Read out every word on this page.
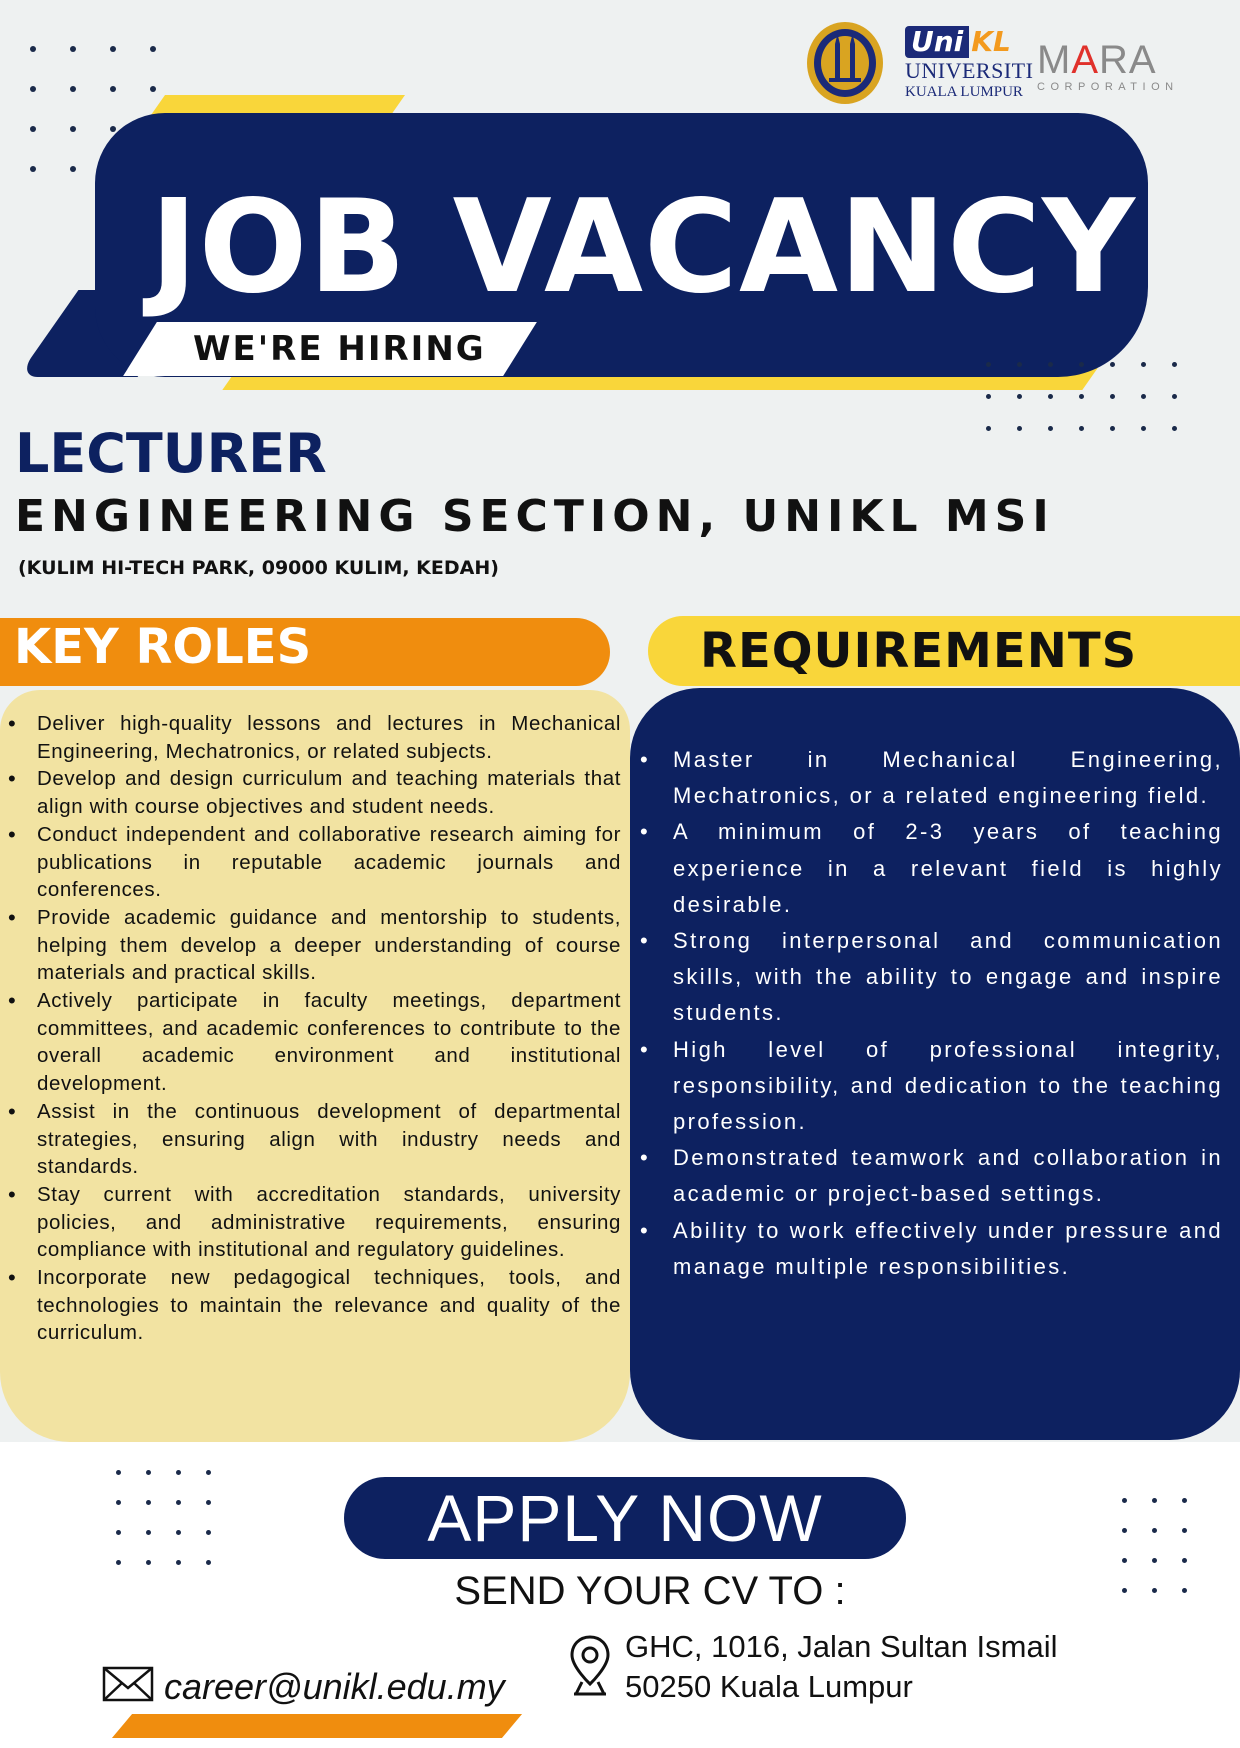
Uni KL
UNIVERSITI
KUALA LUMPUR
MARA
CORPORATION
JOB VACANCY
WE'RE HIRING
LECTURER
ENGINEERING SECTION, UNIKL MSI

(KULIM HI-TECH PARK, 09000 KULIM, KEDAH)

KEY ROLES	REQUIREMENTS
• Deliver high-quality lessons and lectures in Mechanical Engineering, Mechatronics, or related subjects.
• Develop and design curriculum and teaching materials that align with course objectives and student needs.
• Conduct independent and collaborative research aiming for publications in reputable academic journals and conferences.
• Provide academic guidance and mentorship to students, helping them develop a deeper understanding of course materials and practical skills.
• Actively participate in faculty meetings, department committees, and academic conferences to contribute to the overall academic environment and institutional development.
• Assist in the continuous development of departmental strategies, ensuring align with industry needs and standards.
• Stay current with accreditation standards, university policies, and administrative requirements, ensuring compliance with institutional and regulatory guidelines.
• Incorporate new pedagogical techniques, tools, and technologies to maintain the relevance and quality of the curriculum.
• Master in Mechanical Engineering, Mechatronics, or a related engineering field.
• A minimum of 2-3 years of teaching experience in a relevant field is highly desirable.
• Strong interpersonal and communication skills, with the ability to engage and inspire students.
• High level of professional integrity, responsibility, and dedication to the teaching profession.
• Demonstrated teamwork and collaboration in academic or project-based settings.
• Ability to work effectively under pressure and manage multiple responsibilities.
APPLY NOW

SEND YOUR CV TO :

career@unikl.edu.my
GHC, 1016, Jalan Sultan Ismail
50250 Kuala Lumpur
